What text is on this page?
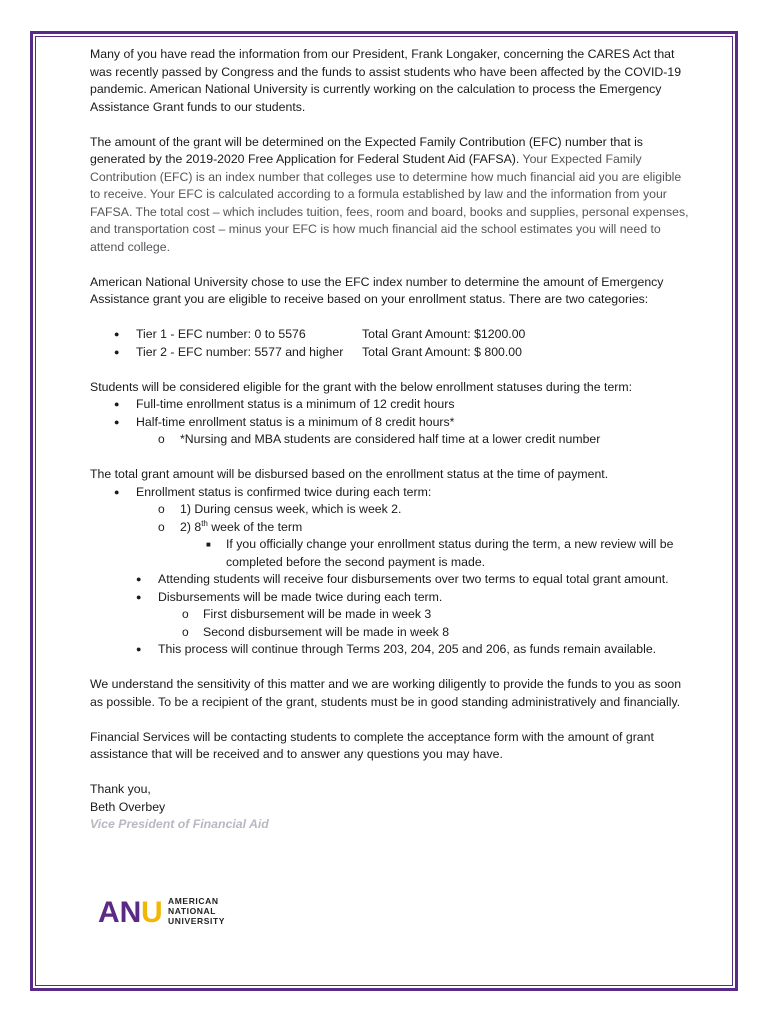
Many of you have read the information from our President, Frank Longaker, concerning the CARES Act that was recently passed by Congress and the funds to assist students who have been affected by the COVID-19 pandemic. American National University is currently working on the calculation to process the Emergency Assistance Grant funds to our students.

The amount of the grant will be determined on the Expected Family Contribution (EFC) number that is generated by the 2019-2020 Free Application for Federal Student Aid (FAFSA). Your Expected Family Contribution (EFC) is an index number that colleges use to determine how much financial aid you are eligible to receive. Your EFC is calculated according to a formula established by law and the information from your FAFSA. The total cost – which includes tuition, fees, room and board, books and supplies, personal expenses, and transportation cost – minus your EFC is how much financial aid the school estimates you will need to attend college.

American National University chose to use the EFC index number to determine the amount of Emergency Assistance grant you are eligible to receive based on your enrollment status. There are two categories:

● Tier 1 - EFC number: 0 to 5576	Total Grant Amount: $1200.00
● Tier 2 - EFC number: 5577 and higher	Total Grant Amount: $ 800.00
Students will be considered eligible for the grant with the below enrollment statuses during the term:
● Full-time enrollment status is a minimum of 12 credit hours
● Half-time enrollment status is a minimum of 8 credit hours*
o *Nursing and MBA students are considered half time at a lower credit number
The total grant amount will be disbursed based on the enrollment status at the time of payment.
● Enrollment status is confirmed twice during each term:
o 1) During census week, which is week 2.
o 2) 8th week of the term
■ If you officially change your enrollment status during the term, a new review will be completed before the second payment is made.
● Attending students will receive four disbursements over two terms to equal total grant amount.
● Disbursements will be made twice during each term.
o First disbursement will be made in week 3
o Second disbursement will be made in week 8
● This process will continue through Terms 203, 204, 205 and 206, as funds remain available.

We understand the sensitivity of this matter and we are working diligently to provide the funds to you as soon as possible. To be a recipient of the grant, students must be in good standing administratively and financially.

Financial Services will be contacting students to complete the acceptance form with the amount of grant assistance that will be received and to answer any questions you may have.

Thank you,
Beth Overbey
Vice President of Financial Aid
AN U AMERICAN
NATIONAL
UNIVERSITY
